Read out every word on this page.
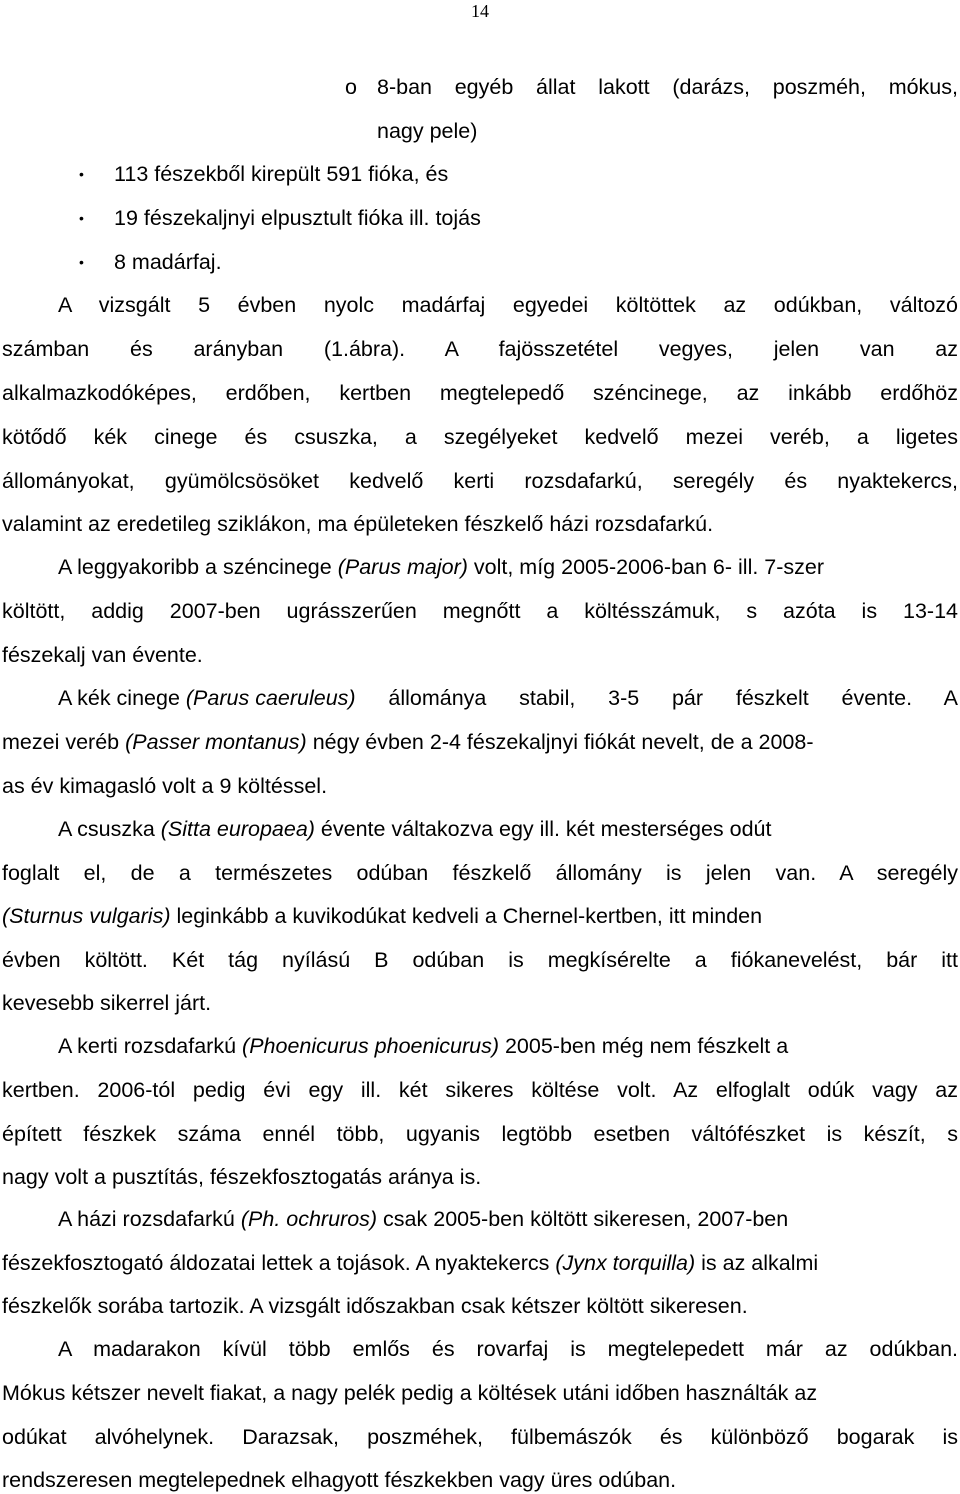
14
o 8-ban egyéb állat lakott (darázs, poszméh, mókus,
nagy pele)
• 113 fészekből kirepült 591 fióka, és
• 19 fészekaljnyi elpusztult fióka ill. tojás
• 8 madárfaj.
A vizsgált 5 évben nyolc madárfaj egyedei költöttek az odúkban, változó
számban és arányban (1.ábra). A fajösszetétel vegyes, jelen van az
alkalmazkodóképes, erdőben, kertben megtelepedő széncinege, az inkább erdőhöz
kötődő kék cinege és csuszka, a szegélyeket kedvelő mezei veréb, a ligetes
állományokat, gyümölcsösöket kedvelő kerti rozsdafarkú, seregély és nyaktekercs,
valamint az eredetileg sziklákon, ma épületeken fészkelő házi rozsdafarkú.
A leggyakoribb a széncinege (Parus major) volt, míg 2005-2006-ban 6- ill. 7-szer
költött, addig 2007-ben ugrásszerűen megnőtt a költésszámuk, s azóta is 13-14
fészekalj van évente.
A kék cinege (Parus caeruleus) állománya stabil, 3-5 pár fészkelt évente. A
mezei veréb (Passer montanus) négy évben 2-4 fészekaljnyi fiókát nevelt, de a 2008-
as év kimagasló volt a 9 költéssel.
A csuszka (Sitta europaea) évente váltakozva egy ill. két mesterséges odút
foglalt el, de a természetes odúban fészkelő állomány is jelen van. A seregély
(Sturnus vulgaris) leginkább a kuvikodúkat kedveli a Chernel-kertben, itt minden
évben költött. Két tág nyílású B odúban is megkísérelte a fiókanevelést, bár itt
kevesebb sikerrel járt.
A kerti rozsdafarkú (Phoenicurus phoenicurus) 2005-ben még nem fészkelt a
kertben. 2006-tól pedig évi egy ill. két sikeres költése volt. Az elfoglalt odúk vagy az
épített fészkek száma ennél több, ugyanis legtöbb esetben váltófészket is készít, s
nagy volt a pusztítás, fészekfosztogatás aránya is.
A házi rozsdafarkú (Ph. ochruros) csak 2005-ben költött sikeresen, 2007-ben
fészekfosztogató áldozatai lettek a tojások. A nyaktekercs (Jynx torquilla) is az alkalmi
fészkelők sorába tartozik. A vizsgált időszakban csak kétszer költött sikeresen.
A madarakon kívül több emlős és rovarfaj is megtelepedett már az odúkban.
Mókus kétszer nevelt fiakat, a nagy pelék pedig a költések utáni időben használták az
odúkat alvóhelynek. Darazsak, poszméhek, fülbemászók és különböző bogarak is
rendszeresen megtelepednek elhagyott fészkekben vagy üres odúban.
